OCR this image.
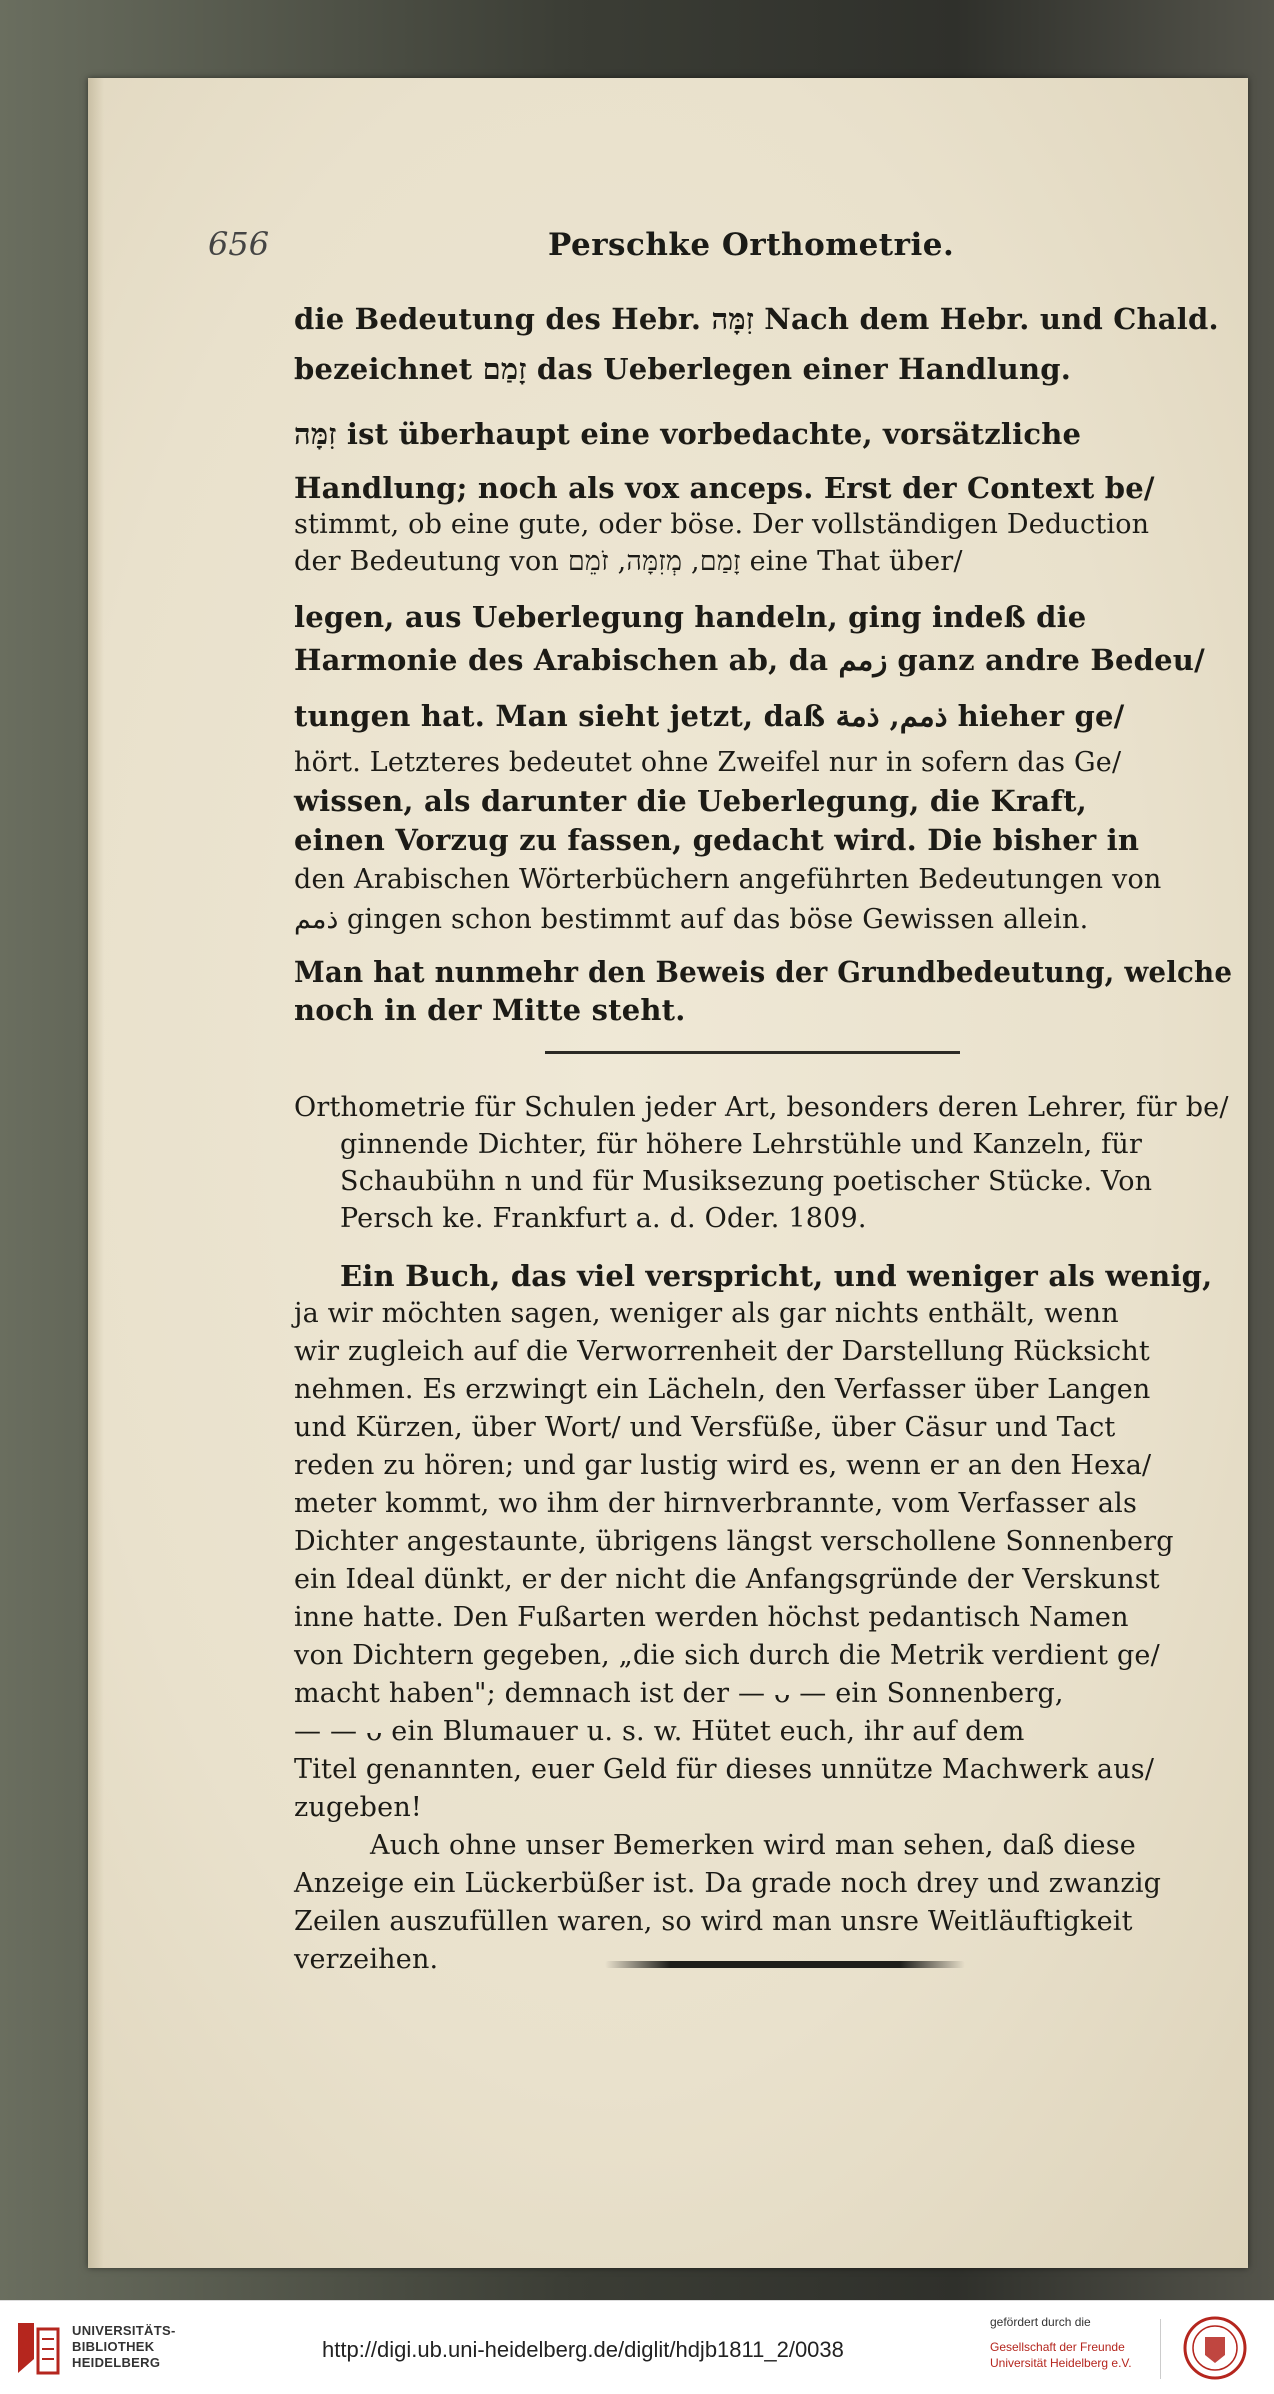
656	Perschke Orthometrie.
die Bedeutung des Hebr. זִמָּה Nach dem Hebr. und Chald.
bezeichnet זָמַם das Ueberlegen einer Handlung.
זִמָּה ist überhaupt eine vorbedachte, vorsätzliche
Handlung; noch als vox anceps. Erst der Context be/
stimmt, ob eine gute, oder böse. Der vollständigen Deduction
der Bedeutung von זָמַם, מְזִמָּה, זֹמֵם eine That über/
legen, aus Ueberlegung handeln, ging indeß die
Harmonie des Arabischen ab, da زمم ganz andre Bedeu/
tungen hat. Man sieht jetzt, daß ذمم, ذمة hieher ge/
hört. Letzteres bedeutet ohne Zweifel nur in sofern das Ge/
wissen, als darunter die Ueberlegung, die Kraft,
einen Vorzug zu fassen, gedacht wird. Die bisher in
den Arabischen Wörterbüchern angeführten Bedeutungen von
ذمم gingen schon bestimmt auf das böse Gewissen allein.
Man hat nunmehr den Beweis der Grundbedeutung, welche
noch in der Mitte steht.
Orthometrie für Schulen jeder Art, besonders deren Lehrer, für be/
ginnende Dichter, für höhere Lehrstühle und Kanzeln, für
Schaubühn n und für Musiksezung poetischer Stücke. Von
Persch ke. Frankfurt a. d. Oder. 1809.
Ein Buch, das viel verspricht, und weniger als wenig,
ja wir möchten sagen, weniger als gar nichts enthält, wenn
wir zugleich auf die Verworrenheit der Darstellung Rücksicht
nehmen. Es erzwingt ein Lächeln, den Verfasser über Langen
und Kürzen, über Wort/ und Versfüße, über Cäsur und Tact
reden zu hören; und gar lustig wird es, wenn er an den Hexa/
meter kommt, wo ihm der hirnverbrannte, vom Verfasser als
Dichter angestaunte, übrigens längst verschollene Sonnenberg
ein Ideal dünkt, er der nicht die Anfangsgründe der Verskunst
inne hatte. Den Fußarten werden höchst pedantisch Namen
von Dichtern gegeben, „die sich durch die Metrik verdient ge/
macht haben"; demnach ist der — ᴗ — ein Sonnenberg,
— — ᴗ ein Blumauer u. s. w. Hütet euch, ihr auf dem
Titel genannten, euer Geld für dieses unnütze Machwerk aus/
zugeben!
Auch ohne unser Bemerken wird man sehen, daß diese
Anzeige ein Lückerbüßer ist. Da grade noch drey und zwanzig
Zeilen auszufüllen waren, so wird man unsre Weitläuftigkeit
verzeihen.
UNIVERSITÄTS-
BIBLIOTHEK
HEIDELBERG
http://digi.ub.uni-heidelberg.de/diglit/hdjb1811_2/0038
gefördert durch die
Gesellschaft der Freunde
Universität Heidelberg e.V.
